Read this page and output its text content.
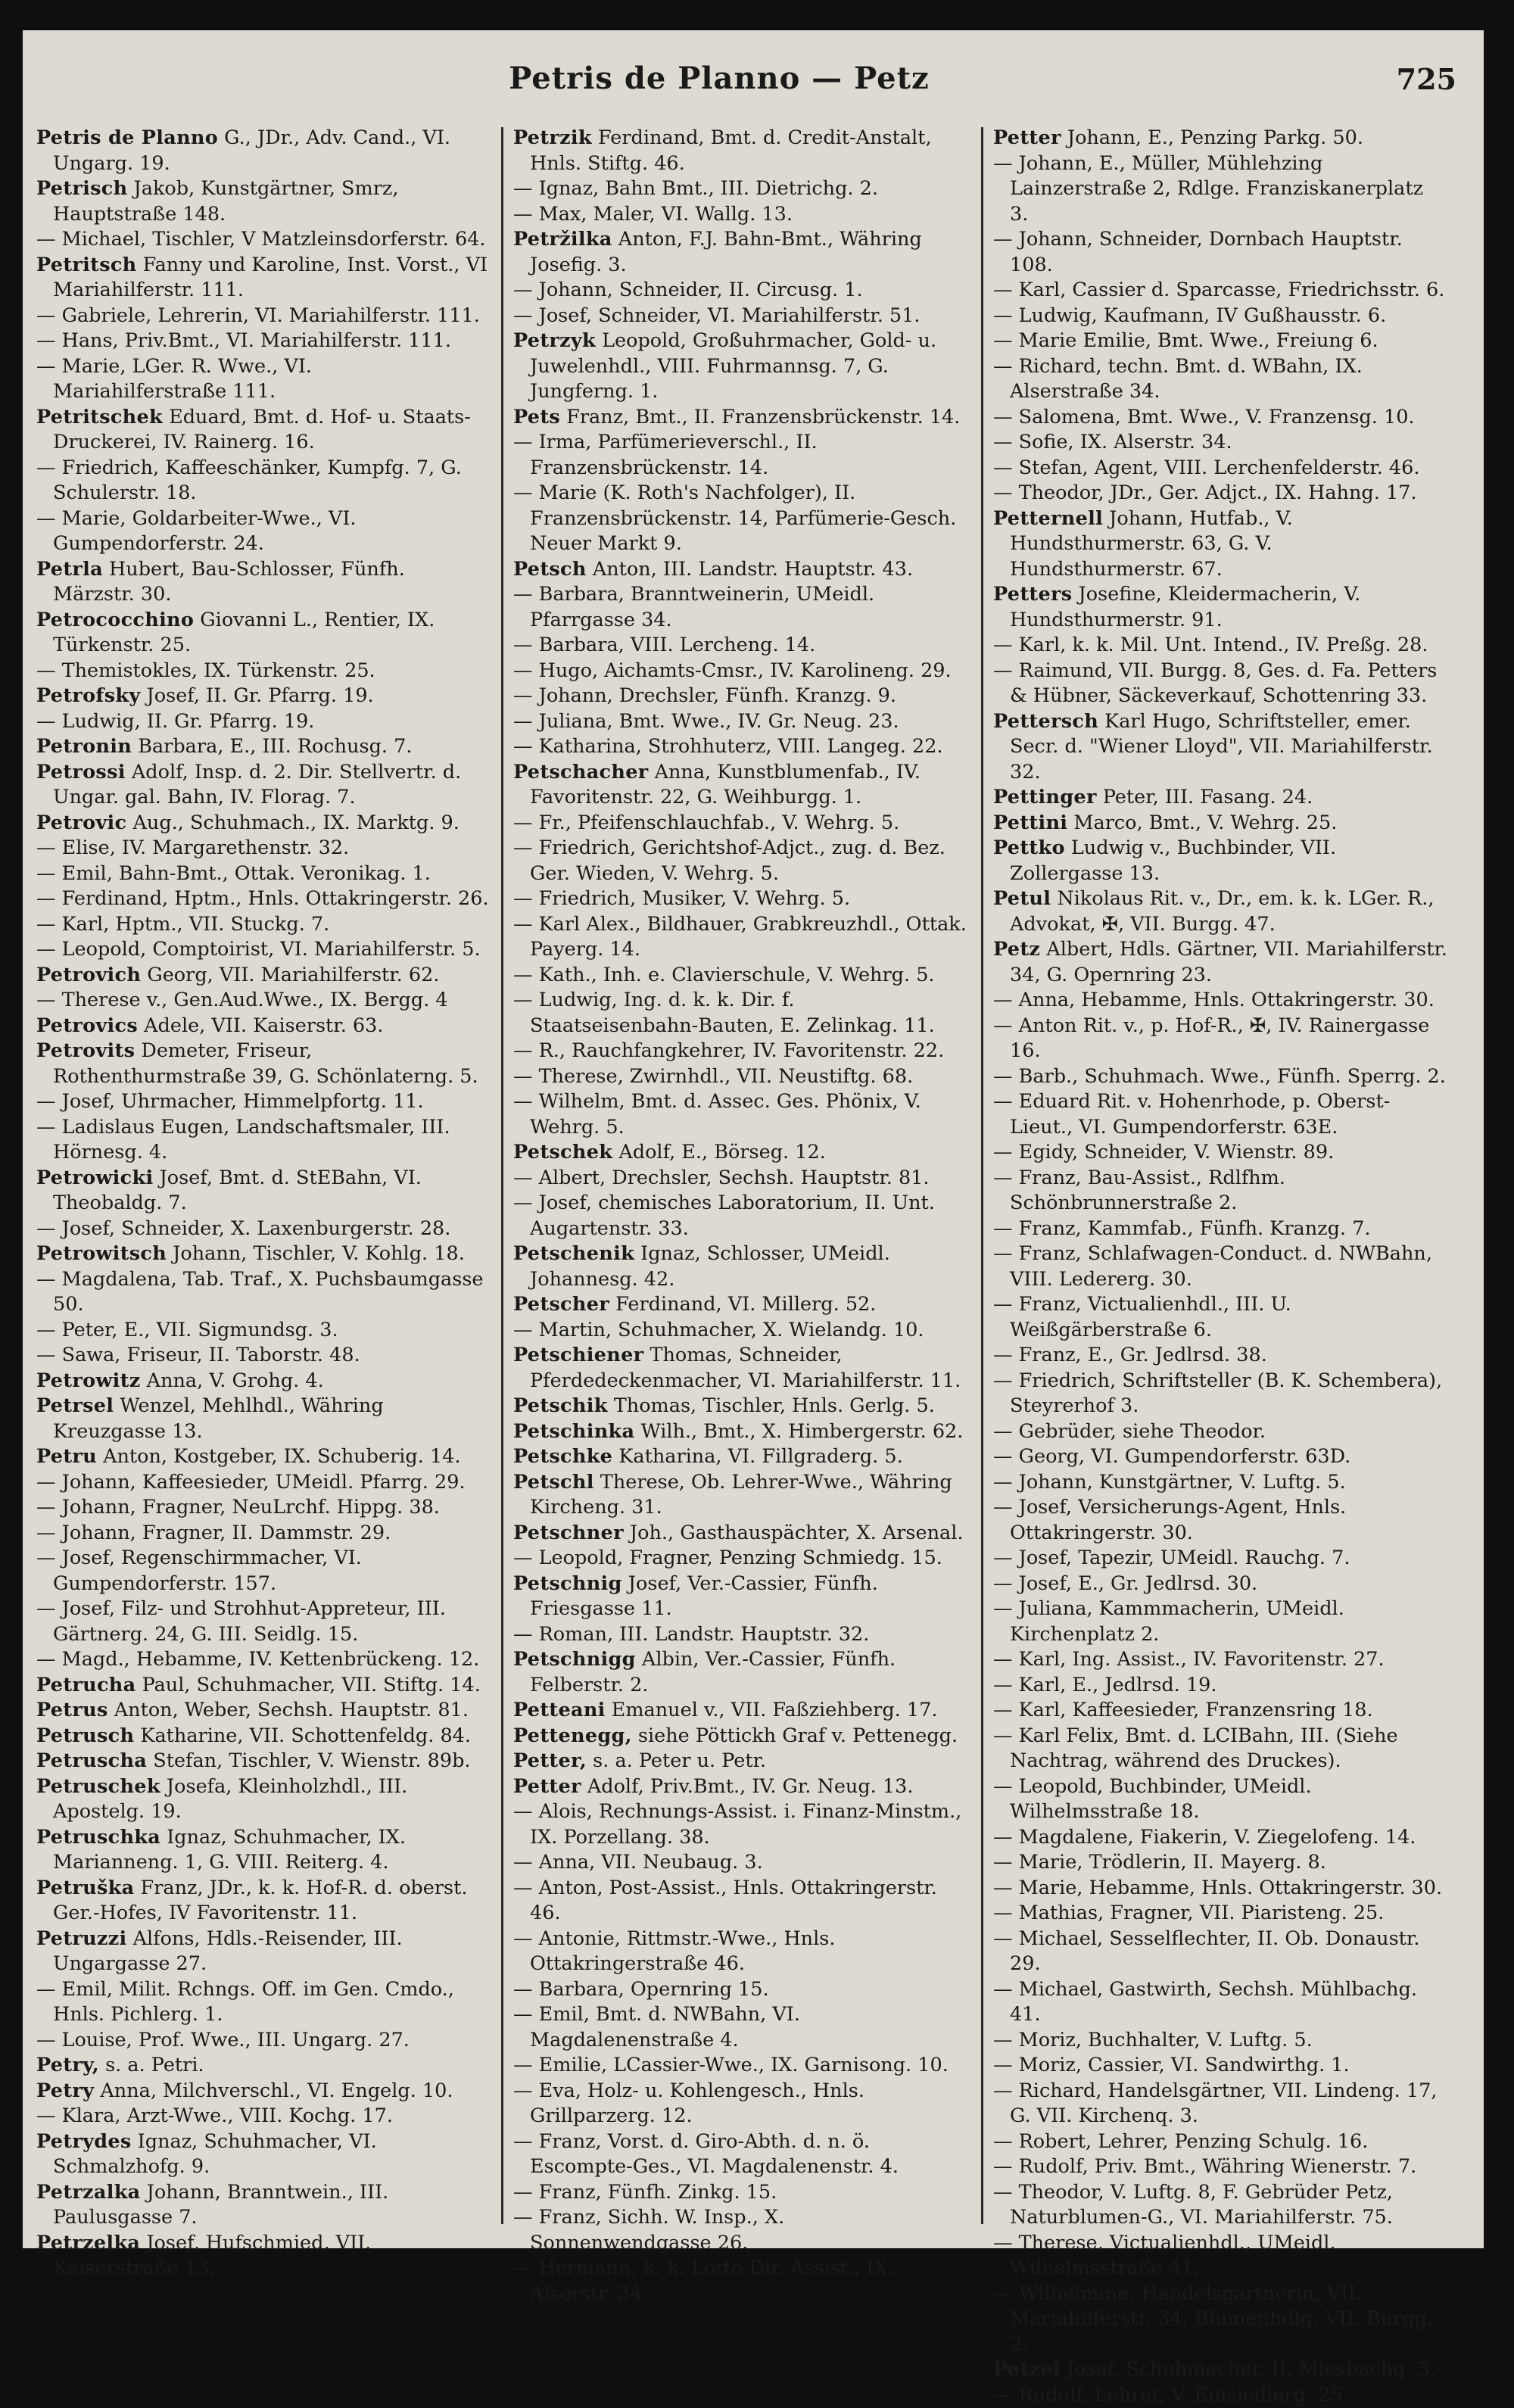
Petris de Planno — Petz	725
Petris de Planno G., JDr., Adv. Cand., VI. Ungarg. 19.
Petrisch Jakob, Kunstgärtner, Smrz, Hauptstraße 148.
— Michael, Tischler, V Matzleinsdorferstr. 64.
Petritsch Fanny und Karoline, Inst. Vorst., VI Mariahilferstr. 111.
— Gabriele, Lehrerin, VI. Mariahilferstr. 111.
— Hans, Priv.Bmt., VI. Mariahilferstr. 111.
— Marie, LGer. R. Wwe., VI. Mariahilferstraße 111.
Petritschek Eduard, Bmt. d. Hof- u. Staats-Druckerei, IV. Rainerg. 16.
— Friedrich, Kaffeeschänker, Kumpfg. 7, G. Schulerstr. 18.
— Marie, Goldarbeiter-Wwe., VI. Gumpendorferstr. 24.
Petrla Hubert, Bau-Schlosser, Fünfh. Märzstr. 30.
Petrococchino Giovanni L., Rentier, IX. Türkenstr. 25.
— Themistokles, IX. Türkenstr. 25.
Petrofsky Josef, II. Gr. Pfarrg. 19.
— Ludwig, II. Gr. Pfarrg. 19.
Petronin Barbara, E., III. Rochusg. 7.
Petrossi Adolf, Insp. d. 2. Dir. Stellvertr. d. Ungar. gal. Bahn, IV. Florag. 7.
Petrovic Aug., Schuhmach., IX. Marktg. 9.
— Elise, IV. Margarethenstr. 32.
— Emil, Bahn-Bmt., Ottak. Veronikag. 1.
— Ferdinand, Hptm., Hnls. Ottakringerstr. 26.
— Karl, Hptm., VII. Stuckg. 7.
— Leopold, Comptoirist, VI. Mariahilferstr. 5.
Petrovich Georg, VII. Mariahilferstr. 62.
— Therese v., Gen.Aud.Wwe., IX. Bergg. 4
Petrovics Adele, VII. Kaiserstr. 63.
Petrovits Demeter, Friseur, Rothenthurmstraße 39, G. Schönlaterng. 5.
— Josef, Uhrmacher, Himmelpfortg. 11.
— Ladislaus Eugen, Landschaftsmaler, III. Hörnesg. 4.
Petrowicki Josef, Bmt. d. StEBahn, VI. Theobaldg. 7.
— Josef, Schneider, X. Laxenburgerstr. 28.
Petrowitsch Johann, Tischler, V. Kohlg. 18.
— Magdalena, Tab. Traf., X. Puchsbaumgasse 50.
— Peter, E., VII. Sigmundsg. 3.
— Sawa, Friseur, II. Taborstr. 48.
Petrowitz Anna, V. Grohg. 4.
Petrsel Wenzel, Mehlhdl., Währing Kreuzgasse 13.
Petru Anton, Kostgeber, IX. Schuberig. 14.
— Johann, Kaffeesieder, UMeidl. Pfarrg. 29.
— Johann, Fragner, NeuLrchf. Hippg. 38.
— Johann, Fragner, II. Dammstr. 29.
— Josef, Regenschirmmacher, VI. Gumpendorferstr. 157.
— Josef, Filz- und Strohhut-Appreteur, III. Gärtnerg. 24, G. III. Seidlg. 15.
— Magd., Hebamme, IV. Kettenbrückeng. 12.
Petrucha Paul, Schuhmacher, VII. Stiftg. 14.
Petrus Anton, Weber, Sechsh. Hauptstr. 81.
Petrusch Katharine, VII. Schottenfeldg. 84.
Petruscha Stefan, Tischler, V. Wienstr. 89b.
Petruschek Josefa, Kleinholzhdl., III. Apostelg. 19.
Petruschka Ignaz, Schuhmacher, IX. Marianneng. 1, G. VIII. Reiterg. 4.
Petruška Franz, JDr., k. k. Hof-R. d. oberst. Ger.-Hofes, IV Favoritenstr. 11.
Petruzzi Alfons, Hdls.-Reisender, III. Ungargasse 27.
— Emil, Milit. Rchngs. Off. im Gen. Cmdo., Hnls. Pichlerg. 1.
— Louise, Prof. Wwe., III. Ungarg. 27.
Petry, s. a. Petri.
Petry Anna, Milchverschl., VI. Engelg. 10.
— Klara, Arzt-Wwe., VIII. Kochg. 17.
Petrydes Ignaz, Schuhmacher, VI. Schmalzhofg. 9.
Petrzalka Johann, Branntwein., III. Paulusgasse 7.
Petrzelka Josef, Hufschmied, VII. Kaiserstraße 13.
Petrzik Ferdinand, Bmt. d. Credit-Anstalt, Hnls. Stiftg. 46.
— Ignaz, Bahn Bmt., III. Dietrichg. 2.
— Max, Maler, VI. Wallg. 13.
Petržilka Anton, F.J. Bahn-Bmt., Währing Josefig. 3.
— Johann, Schneider, II. Circusg. 1.
— Josef, Schneider, VI. Mariahilferstr. 51.
Petrzyk Leopold, Großuhrmacher, Gold- u. Juwelenhdl., VIII. Fuhrmannsg. 7, G. Jungferng. 1.
Pets Franz, Bmt., II. Franzensbrückenstr. 14.
— Irma, Parfümerieverschl., II. Franzensbrückenstr. 14.
— Marie (K. Roth's Nachfolger), II. Franzensbrückenstr. 14, Parfümerie-Gesch. Neuer Markt 9.
Petsch Anton, III. Landstr. Hauptstr. 43.
— Barbara, Branntweinerin, UMeidl. Pfarrgasse 34.
— Barbara, VIII. Lercheng. 14.
— Hugo, Aichamts-Cmsr., IV. Karolineng. 29.
— Johann, Drechsler, Fünfh. Kranzg. 9.
— Juliana, Bmt. Wwe., IV. Gr. Neug. 23.
— Katharina, Strohhuterz, VIII. Langeg. 22.
Petschacher Anna, Kunstblumenfab., IV. Favoritenstr. 22, G. Weihburgg. 1.
— Fr., Pfeifenschlauchfab., V. Wehrg. 5.
— Friedrich, Gerichtshof-Adjct., zug. d. Bez. Ger. Wieden, V. Wehrg. 5.
— Friedrich, Musiker, V. Wehrg. 5.
— Karl Alex., Bildhauer, Grabkreuzhdl., Ottak. Payerg. 14.
— Kath., Inh. e. Clavierschule, V. Wehrg. 5.
— Ludwig, Ing. d. k. k. Dir. f. Staatseisenbahn-Bauten, E. Zelinkag. 11.
— R., Rauchfangkehrer, IV. Favoritenstr. 22.
— Therese, Zwirnhdl., VII. Neustiftg. 68.
— Wilhelm, Bmt. d. Assec. Ges. Phönix, V. Wehrg. 5.
Petschek Adolf, E., Börseg. 12.
— Albert, Drechsler, Sechsh. Hauptstr. 81.
— Josef, chemisches Laboratorium, II. Unt. Augartenstr. 33.
Petschenik Ignaz, Schlosser, UMeidl. Johannesg. 42.
Petscher Ferdinand, VI. Millerg. 52.
— Martin, Schuhmacher, X. Wielandg. 10.
Petschiener Thomas, Schneider, Pferdedeckenmacher, VI. Mariahilferstr. 11.
Petschik Thomas, Tischler, Hnls. Gerlg. 5.
Petschinka Wilh., Bmt., X. Himbergerstr. 62.
Petschke Katharina, VI. Fillgraderg. 5.
Petschl Therese, Ob. Lehrer-Wwe., Währing Kircheng. 31.
Petschner Joh., Gasthauspächter, X. Arsenal.
— Leopold, Fragner, Penzing Schmiedg. 15.
Petschnig Josef, Ver.-Cassier, Fünfh. Friesgasse 11.
— Roman, III. Landstr. Hauptstr. 32.
Petschnigg Albin, Ver.-Cassier, Fünfh. Felberstr. 2.
Petteani Emanuel v., VII. Faßziehberg. 17.
Pettenegg, siehe Pöttickh Graf v. Pettenegg.
Petter, s. a. Peter u. Petr.
Petter Adolf, Priv.Bmt., IV. Gr. Neug. 13.
— Alois, Rechnungs-Assist. i. Finanz-Minstm., IX. Porzellang. 38.
— Anna, VII. Neubaug. 3.
— Anton, Post-Assist., Hnls. Ottakringerstr. 46.
— Antonie, Rittmstr.-Wwe., Hnls. Ottakringerstraße 46.
— Barbara, Opernring 15.
— Emil, Bmt. d. NWBahn, VI. Magdalenenstraße 4.
— Emilie, LCassier-Wwe., IX. Garnisong. 10.
— Eva, Holz- u. Kohlengesch., Hnls. Grillparzerg. 12.
— Franz, Vorst. d. Giro-Abth. d. n. ö. Escompte-Ges., VI. Magdalenenstr. 4.
— Franz, Fünfh. Zinkg. 15.
— Franz, Sichh. W. Insp., X. Sonnenwendgasse 26.
— Hermann, k. k. Lotto-Dir. Assist., IX. Alserstr. 34.
Petter Johann, E., Penzing Parkg. 50.
— Johann, E., Müller, Mühlehzing Lainzerstraße 2, Rdlge. Franziskanerplatz 3.
— Johann, Schneider, Dornbach Hauptstr. 108.
— Karl, Cassier d. Sparcasse, Friedrichsstr. 6.
— Ludwig, Kaufmann, IV Gußhausstr. 6.
— Marie Emilie, Bmt. Wwe., Freiung 6.
— Richard, techn. Bmt. d. WBahn, IX. Alserstraße 34.
— Salomena, Bmt. Wwe., V. Franzensg. 10.
— Sofie, IX. Alserstr. 34.
— Stefan, Agent, VIII. Lerchenfelderstr. 46.
— Theodor, JDr., Ger. Adjct., IX. Hahng. 17.
Petternell Johann, Hutfab., V. Hundsthurmerstr. 63, G. V. Hundsthurmerstr. 67.
Petters Josefine, Kleidermacherin, V. Hundsthurmerstr. 91.
— Karl, k. k. Mil. Unt. Intend., IV. Preßg. 28.
— Raimund, VII. Burgg. 8, Ges. d. Fa. Petters & Hübner, Säckeverkauf, Schottenring 33.
Pettersch Karl Hugo, Schriftsteller, emer. Secr. d. "Wiener Lloyd", VII. Mariahilferstr. 32.
Pettinger Peter, III. Fasang. 24.
Pettini Marco, Bmt., V. Wehrg. 25.
Pettko Ludwig v., Buchbinder, VII. Zollergasse 13.
Petul Nikolaus Rit. v., Dr., em. k. k. LGer. R., Advokat, ✠, VII. Burgg. 47.
Petz Albert, Hdls. Gärtner, VII. Mariahilferstr. 34, G. Opernring 23.
— Anna, Hebamme, Hnls. Ottakringerstr. 30.
— Anton Rit. v., p. Hof-R., ✠, IV. Rainergasse 16.
— Barb., Schuhmach. Wwe., Fünfh. Sperrg. 2.
— Eduard Rit. v. Hohenrhode, p. Oberst-Lieut., VI. Gumpendorferstr. 63E.
— Egidy, Schneider, V. Wienstr. 89.
— Franz, Bau-Assist., Rdlfhm. Schönbrunnerstraße 2.
— Franz, Kammfab., Fünfh. Kranzg. 7.
— Franz, Schlafwagen-Conduct. d. NWBahn, VIII. Ledererg. 30.
— Franz, Victualienhdl., III. U. Weißgärberstraße 6.
— Franz, E., Gr. Jedlrsd. 38.
— Friedrich, Schriftsteller (B. K. Schembera), Steyrerhof 3.
— Gebrüder, siehe Theodor.
— Georg, VI. Gumpendorferstr. 63D.
— Johann, Kunstgärtner, V. Luftg. 5.
— Josef, Versicherungs-Agent, Hnls. Ottakringerstr. 30.
— Josef, Tapezir, UMeidl. Rauchg. 7.
— Josef, E., Gr. Jedlrsd. 30.
— Juliana, Kammmacherin, UMeidl. Kirchenplatz 2.
— Karl, Ing. Assist., IV. Favoritenstr. 27.
— Karl, E., Jedlrsd. 19.
— Karl, Kaffeesieder, Franzensring 18.
— Karl Felix, Bmt. d. LCIBahn, III. (Siehe Nachtrag, während des Druckes).
— Leopold, Buchbinder, UMeidl. Wilhelmsstraße 18.
— Magdalene, Fiakerin, V. Ziegelofeng. 14.
— Marie, Trödlerin, II. Mayerg. 8.
— Marie, Hebamme, Hnls. Ottakringerstr. 30.
— Mathias, Fragner, VII. Piaristeng. 25.
— Michael, Sesselflechter, II. Ob. Donaustr. 29.
— Michael, Gastwirth, Sechsh. Mühlbachg. 41.
— Moriz, Buchhalter, V. Luftg. 5.
— Moriz, Cassier, VI. Sandwirthg. 1.
— Richard, Handelsgärtner, VII. Lindeng. 17, G. VII. Kirchenq. 3.
— Robert, Lehrer, Penzing Schulg. 16.
— Rudolf, Priv. Bmt., Währing Wienerstr. 7.
— Theodor, V. Luftg. 8, F. Gebrüder Petz, Naturblumen-G., VI. Mariahilferstr. 75.
— Therese, Victualienhdl., UMeidl. Wilhelmsstraße 41.
— Wilhelmine, Handelsgärtnerin, VII. Mariahilferstr. 34, Blumenhdlg. VII. Burgg. 2.
Petzel Josef, Schuhmacher, II. Miesbachg. 3.
— Rudolf, Lehrer, V. Einsiedlerg. 25.
